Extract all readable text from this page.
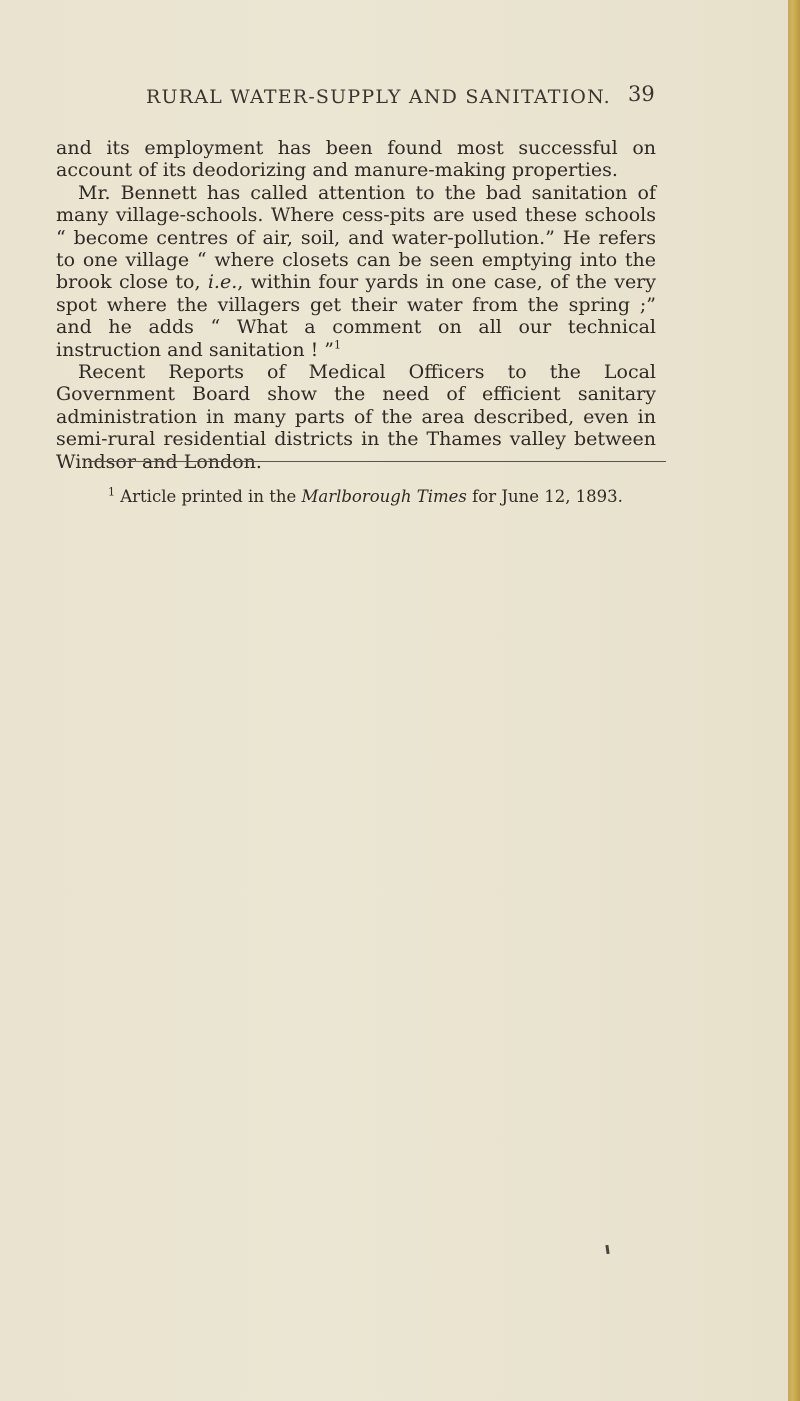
RURAL WATER-SUPPLY AND SANITATION. 39

and its employment has been found most successful on account of its deodorizing and manure-making properties.

Mr. Bennett has called attention to the bad sanitation of many village-schools. Where cess-pits are used these schools “ become centres of air, soil, and water-pollution.” He refers to one village “ where closets can be seen emptying into the brook close to, i.e., within four yards in one case, of the very spot where the villagers get their water from the spring ;” and he adds “ What a comment on all our technical instruction and sanitation ! ”$^1$

Recent Reports of Medical Officers to the Local Government Board show the need of efficient sanitary administration in many parts of the area described, even in semi-rural residential districts in the Thames valley between Windsor and London.

$^1$ Article printed in the Marlborough Times for June 12, 1893.
